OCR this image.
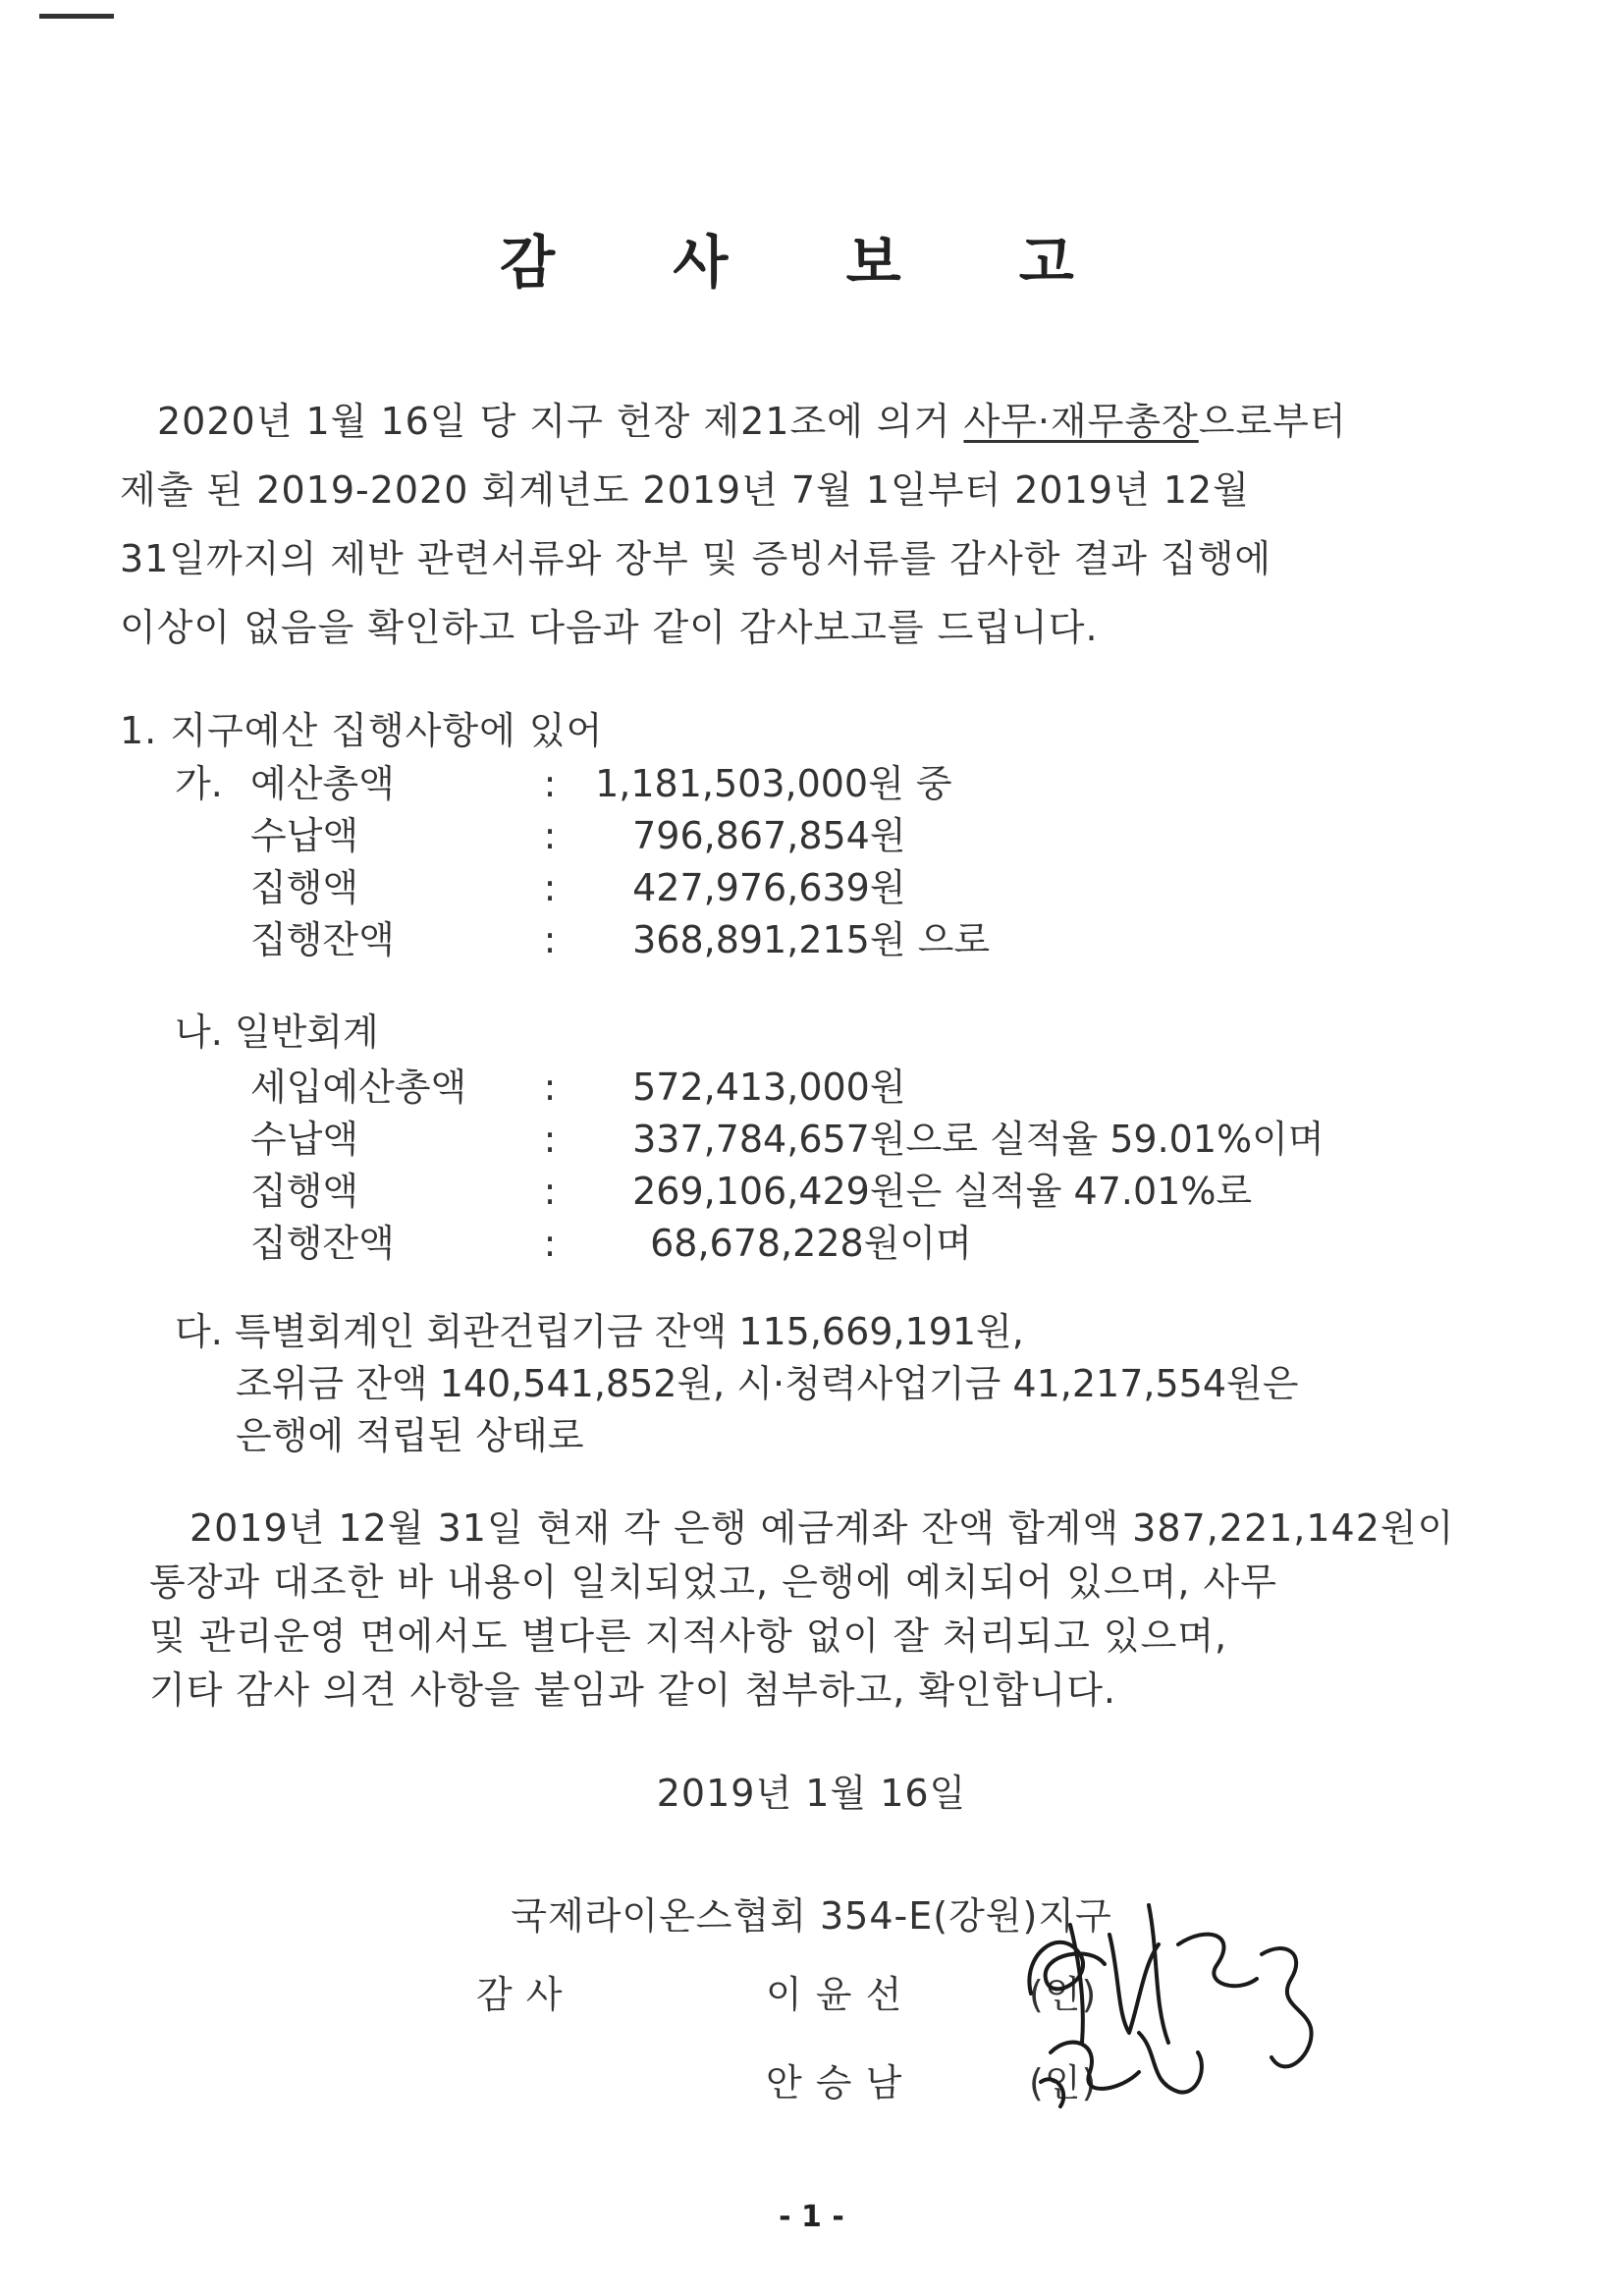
감 사 보 고
2020년 1월 16일 당 지구 헌장 제21조에 의거 사무·재무총장으로부터
제출 된 2019-2020 회계년도 2019년 7월 1일부터 2019년 12월
31일까지의 제반 관련서류와 장부 및 증빙서류를 감사한 결과 집행에
이상이 없음을 확인하고 다음과 같이 감사보고를 드립니다.
1. 지구예산 집행사항에 있어
가. 예산총액	: 1,181,503,000원 중
수납액	: 796,867,854원
집행액	: 427,976,639원
집행잔액	: 368,891,215원 으로
나. 일반회계
세입예산총액 : 572,413,000원
수납액	: 337,784,657원으로 실적율 59.01%이며
집행액	: 269,106,429원은 실적율 47.01%로
집행잔액	:	68,678,228원이며
다. 특별회계인 회관건립기금 잔액 115,669,191원,
조위금 잔액 140,541,852원, 시·청력사업기금 41,217,554원은
은행에 적립된 상태로
2019년 12월 31일 현재 각 은행 예금계좌 잔액 합계액 387,221,142원이
통장과 대조한 바 내용이 일치되었고, 은행에 예치되어 있으며, 사무
및 관리운영 면에서도 별다른 지적사항 없이 잘 처리되고 있으며,
기타 감사 의견 사항을 붙임과 같이 첨부하고, 확인합니다.
2019년 1월 16일
국제라이온스협회 354-E(강원)지구
감 사	이 윤 선	(인)
안 승 남	(인)
- 1 -
